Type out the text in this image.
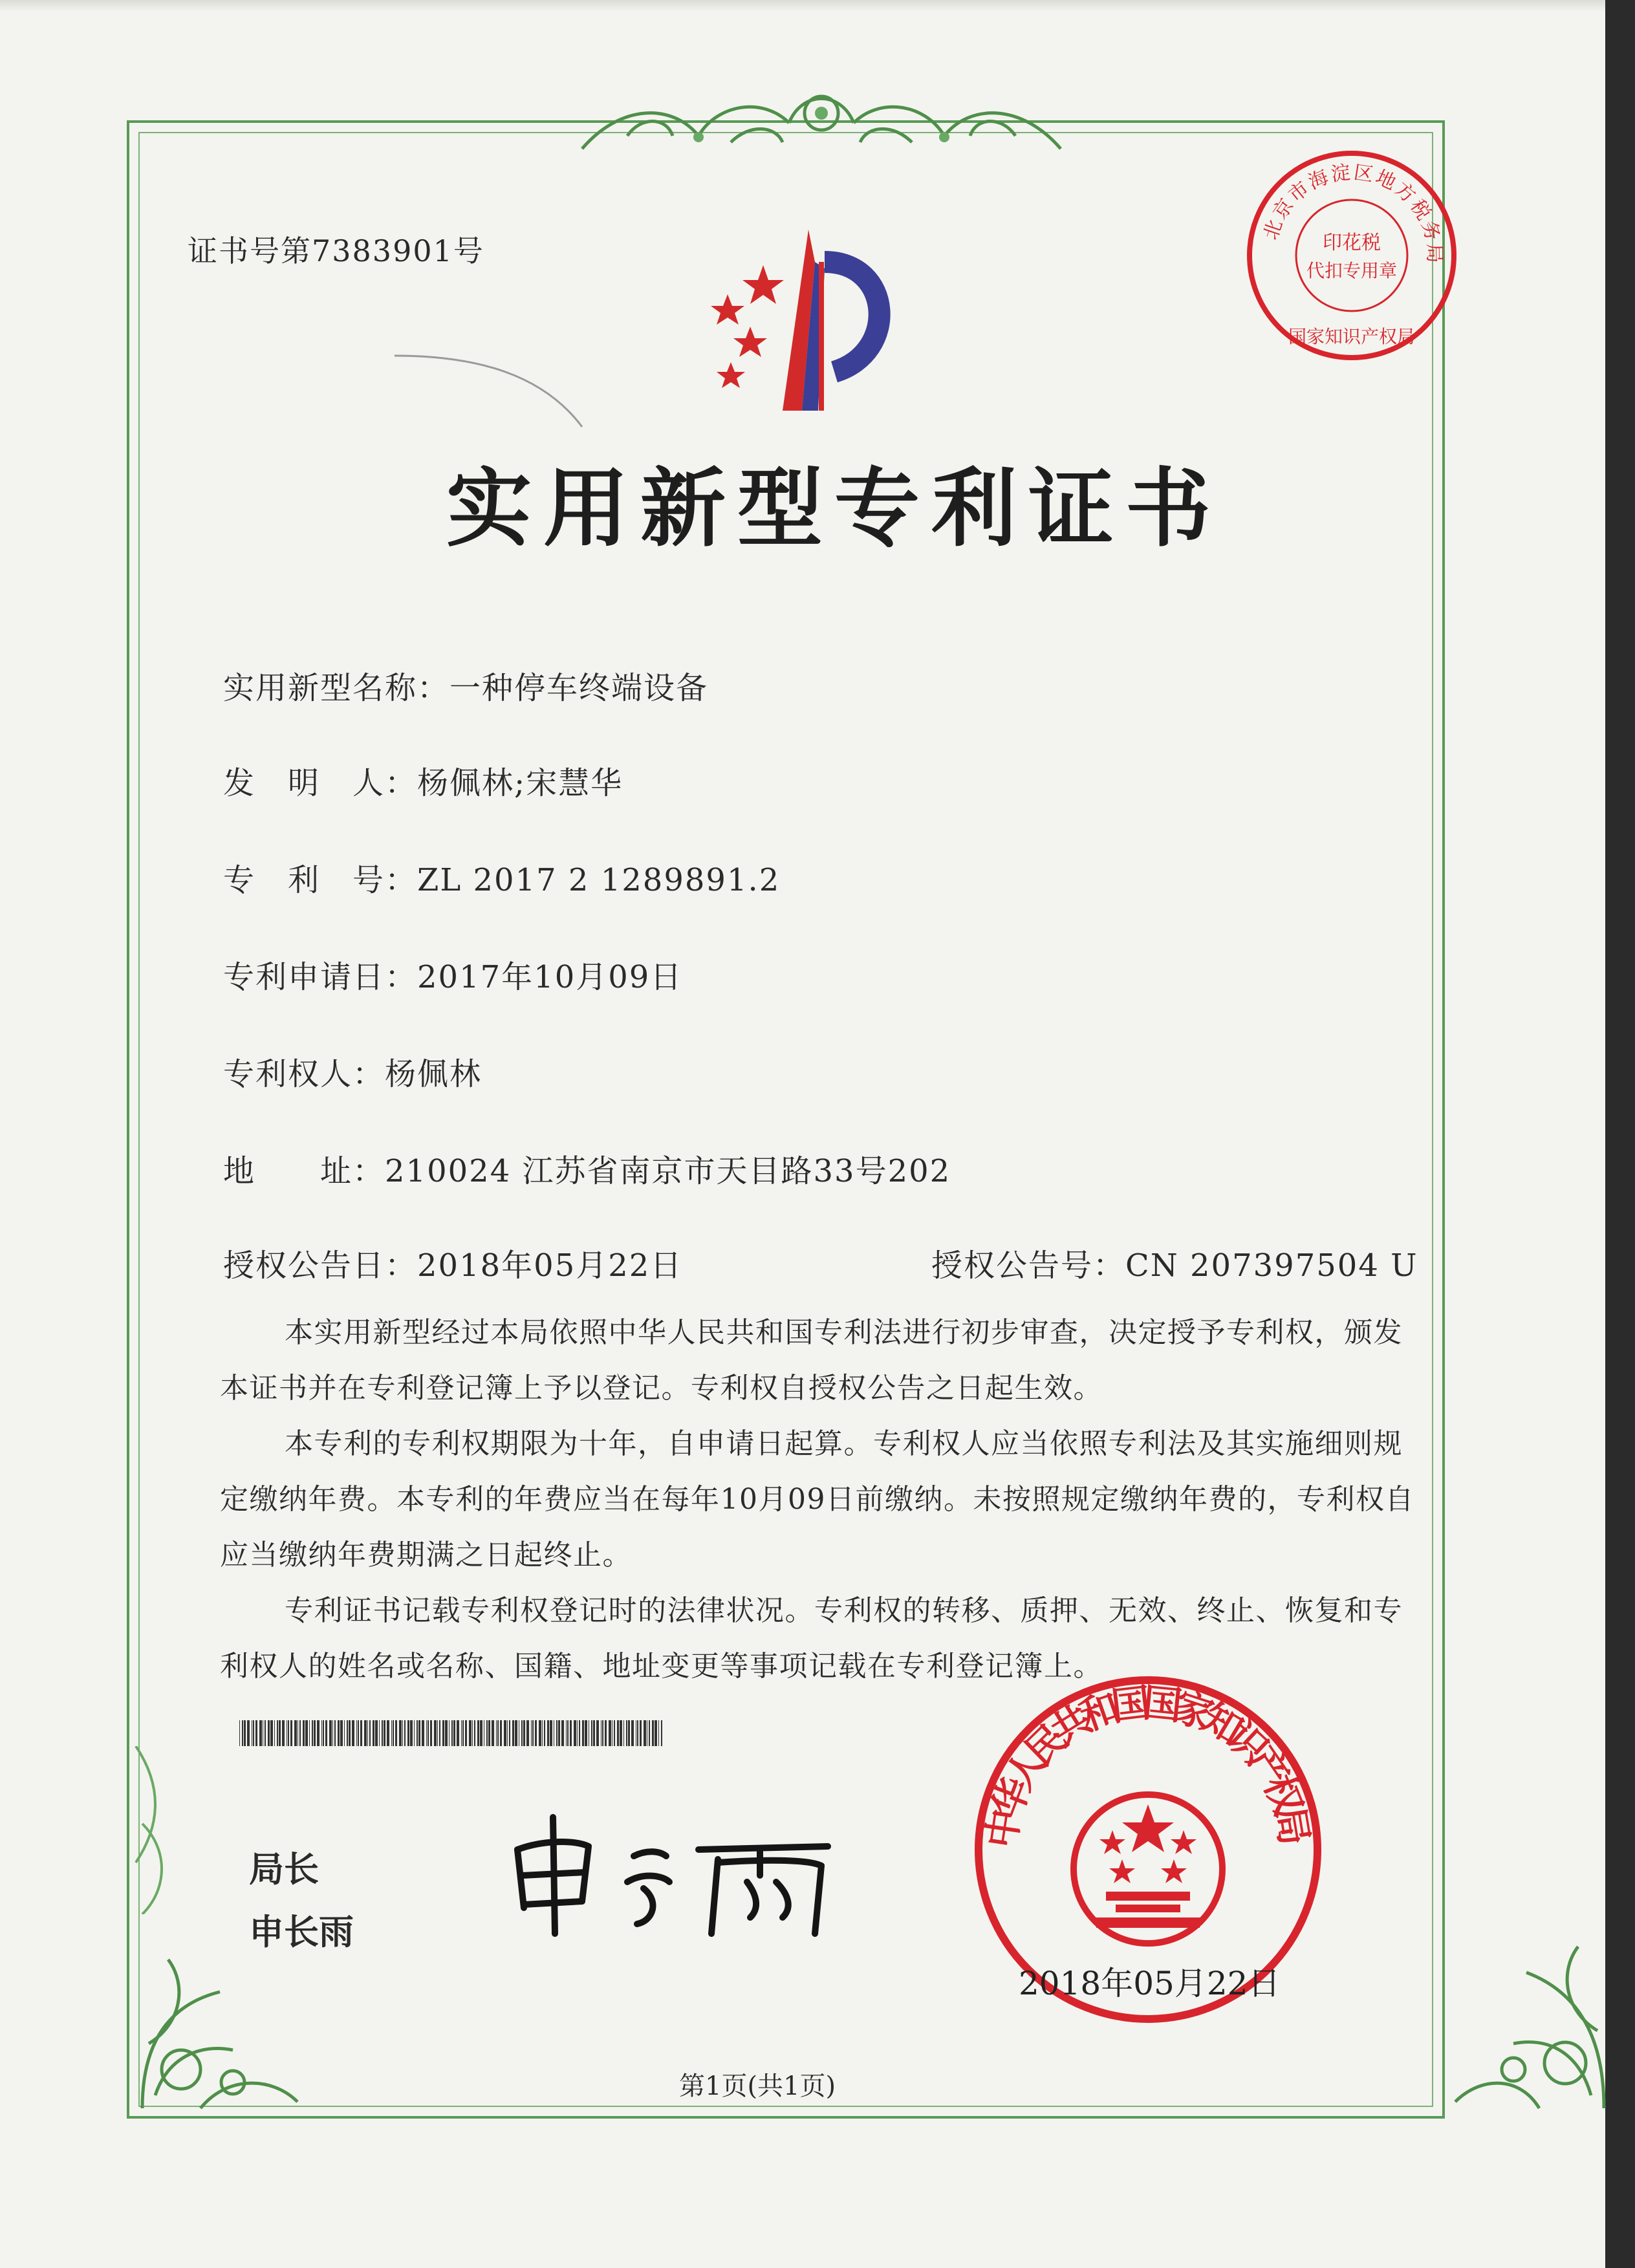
北京市海淀区地方税务局
印花税
代扣专用章
国家知识产权局
证书号第7383901号
实用新型专利证书
实用新型名称：一种停车终端设备
发　明　人：杨佩林;宋慧华
专　利　号：ZL 2017 2 1289891.2
专利申请日：2017年10月09日
专利权人：杨佩林
地　　址：210024 江苏省南京市天目路33号202
授权公告日：2018年05月22日	授权公告号：CN 207397504 U

本实用新型经过本局依照中华人民共和国专利法进行初步审查，决定授予专利权，颁发本证书并在专利登记簿上予以登记。专利权自授权公告之日起生效。

本专利的专利权期限为十年，自申请日起算。专利权人应当依照专利法及其实施细则规定缴纳年费。本专利的年费应当在每年10月09日前缴纳。未按照规定缴纳年费的，专利权自应当缴纳年费期满之日起终止。

专利证书记载专利权登记时的法律状况。专利权的转移、质押、无效、终止、恢复和专利权人的姓名或名称、国籍、地址变更等事项记载在专利登记簿上。

局长
申长雨
中华人民共和国国家知识产权局
2018年05月22日
第1页(共1页)
